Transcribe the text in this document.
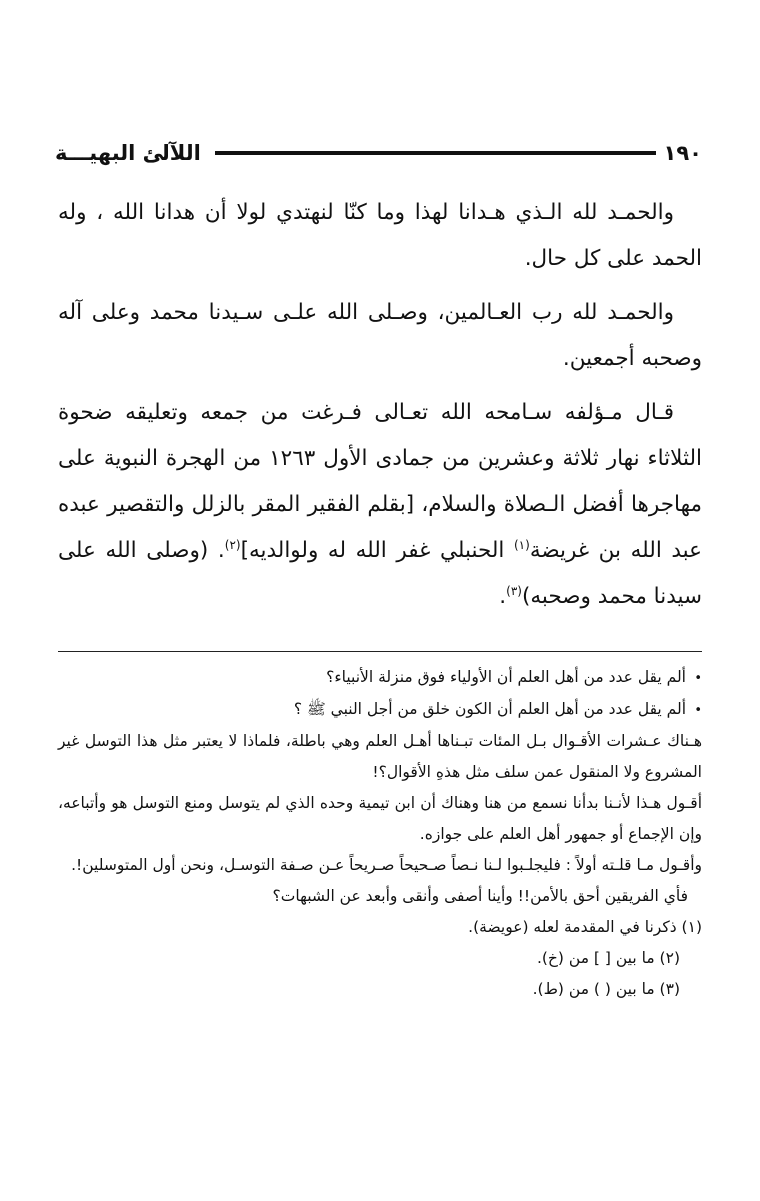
اللآلئ البهيـــة	١٩٠

والحمـد لله الـذي هـدانا لهذا وما كنّا لنهتدي لولا أن هدانا الله ، وله الحمد على كل حال.

والحمـد لله رب العـالمين، وصـلى الله علـى سـيدنا محمد وعلى آله وصحبه أجمعين.

قـال مـؤلفه سـامحه الله تعـالى فـرغت من جمعه وتعليقه ضحوة الثلاثاء نهار ثلاثة وعشرين من جمادى الأول ١٢٦٣ من الهجرة النبوية على مهاجرها أفضل الـصلاة والسلام، [بقلم الفقير المقر بالزلل والتقصير عبده عبد الله بن غريضة$^{(١)}$ الحنبلي غفر الله له ولوالديه]$^{(٢)}$. (وصلى الله على سيدنا محمد وصحبه)$^{(٣)}$.

•
ألم يقل عدد من أهل العلم أن الأولياء فوق منزلة الأنبياء؟
•
ألم يقل عدد من أهل العلم أن الكون خلق من أجل النبي ﷺ ؟

هـناك عـشرات الأقـوال بـل المئات تبـناها أهـل العلم وهي باطلة، فلماذا لا يعتبر مثل هذا التوسل غير المشروع ولا المنقول عمن سلف مثل هذهِ الأقوال؟!

أقـول هـذا لأنـنا بدأنا نسمع من هنا وهناك أن ابن تيمية وحده الذي لم يتوسل ومنع التوسل هو وأتباعه، وإن الإجماع أو جمهور أهل العلم على جوازه.

وأقـول مـا قلـته أولاً : فليجلـبوا لـنا نـصاً صـحيحاً صـريحاً عـن صـفة التوسـل، ونحن أول المتوسلين!.

فأي الفريقين أحق بالأمن!! وأينا أصفى وأنقى وأبعد عن الشبهات؟

(١) ذكرنا في المقدمة لعله (عويضة).

(٢) ما بين [ ] من (خ).

(٣) ما بين ( ) من (ط).
